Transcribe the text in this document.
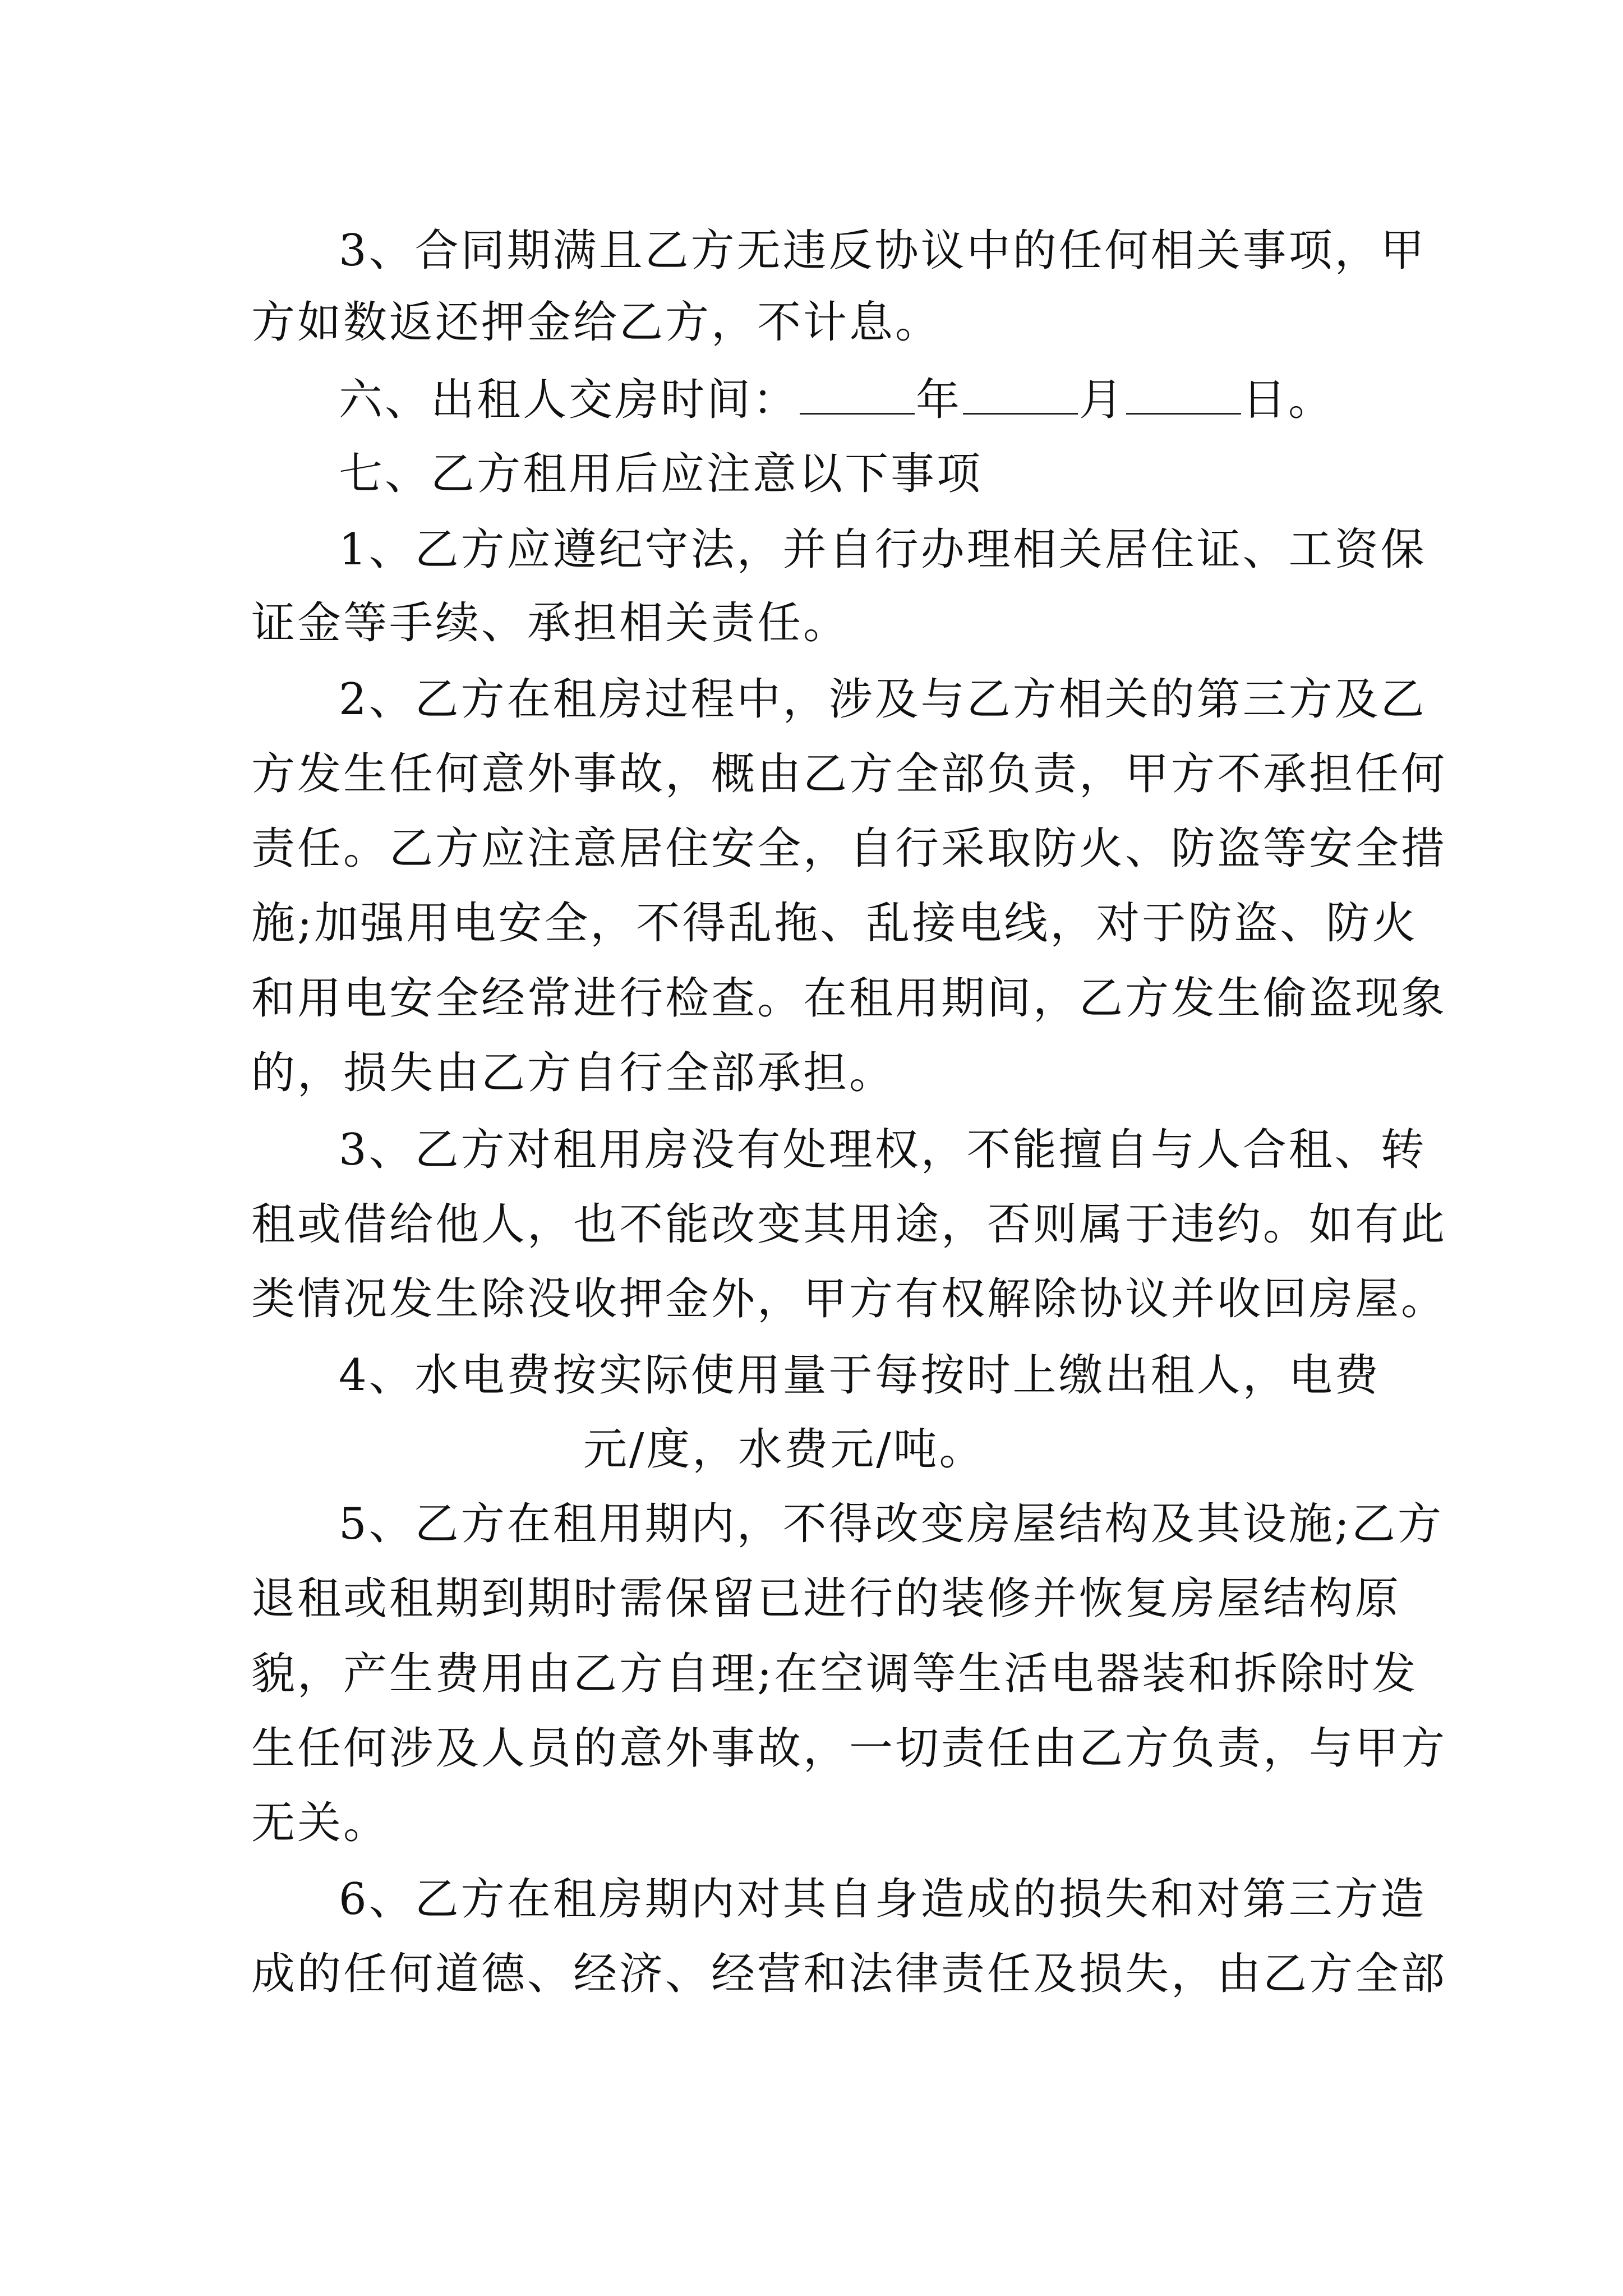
3、合同期满且乙方无违反协议中的任何相关事项，甲
方如数返还押金给乙方，不计息。
六、出租人交房时间：	年	月	日。
七、乙方租用后应注意以下事项
1、乙方应遵纪守法，并自行办理相关居住证、工资保
证金等手续、承担相关责任。
2、乙方在租房过程中，涉及与乙方相关的第三方及乙
方发生任何意外事故，概由乙方全部负责，甲方不承担任何
责任。乙方应注意居住安全，自行采取防火、防盗等安全措
施;加强用电安全，不得乱拖、乱接电线，对于防盗、防火
和用电安全经常进行检查。在租用期间，乙方发生偷盗现象
的，损失由乙方自行全部承担。
3、乙方对租用房没有处理权，不能擅自与人合租、转
租或借给他人，也不能改变其用途，否则属于违约。如有此
类情况发生除没收押金外，甲方有权解除协议并收回房屋。
4、水电费按实际使用量于每按时上缴出租人，电费
元/度，水费元/吨。
5、乙方在租用期内，不得改变房屋结构及其设施;乙方
退租或租期到期时需保留已进行的装修并恢复房屋结构原
貌，产生费用由乙方自理;在空调等生活电器装和拆除时发
生任何涉及人员的意外事故，一切责任由乙方负责，与甲方
无关。
6、乙方在租房期内对其自身造成的损失和对第三方造
成的任何道德、经济、经营和法律责任及损失，由乙方全部
